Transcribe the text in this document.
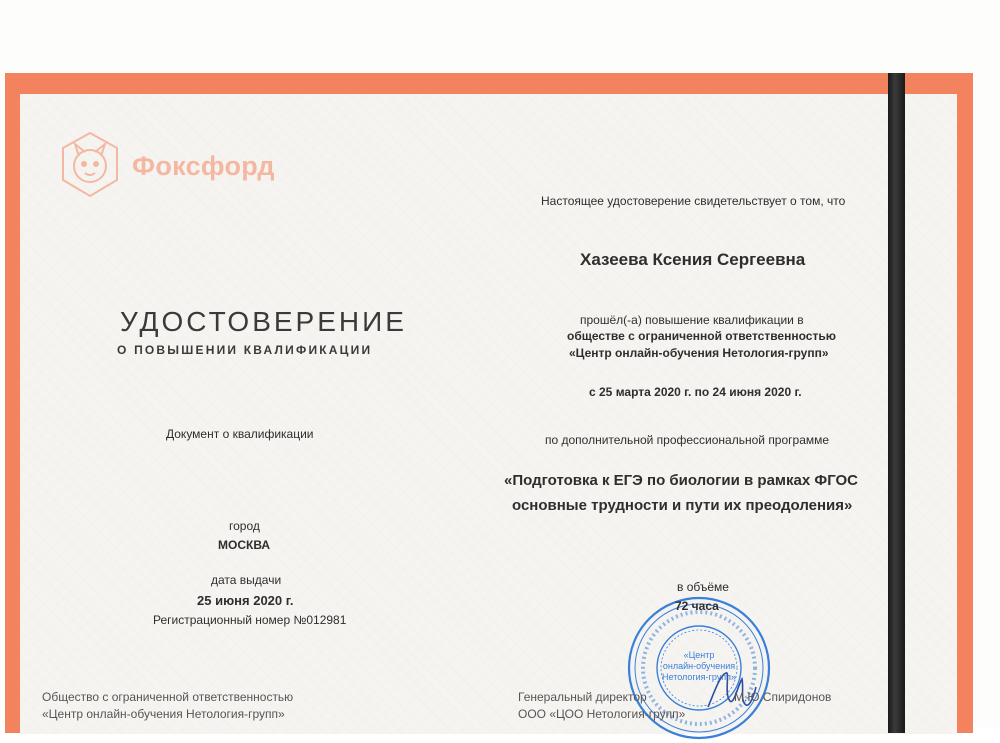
Фоксфорд
УДОСТОВЕРЕНИЕ
О ПОВЫШЕНИИ КВАЛИФИКАЦИИ
Документ о квалификации
город
МОСКВА
дата выдачи
25 июня 2020 г.
Регистрационный номер №012981
Настоящее удостоверение свидетельствует о том, что
Хазеева Ксения Сергеевна
прошёл(-а) повышение квалификации в
обществе с ограниченной ответственностью
«Центр онлайн-обучения Нетология-групп»
с 25 марта 2020 г. по 24 июня 2020 г.
по дополнительной профессиональной программе
«Подготовка к ЕГЭ по биологии в рамках ФГОС
основные трудности и пути их преодоления»
в объёме
«Центр
онлайн-обучения
Нетология-групп»
72 часа
Общество с ограниченной ответственностью
«Центр онлайн-обучения Нетология-групп»
Генеральный директор
ООО «ЦОО Нетология-групп»
М.Ю.Спиридонов
